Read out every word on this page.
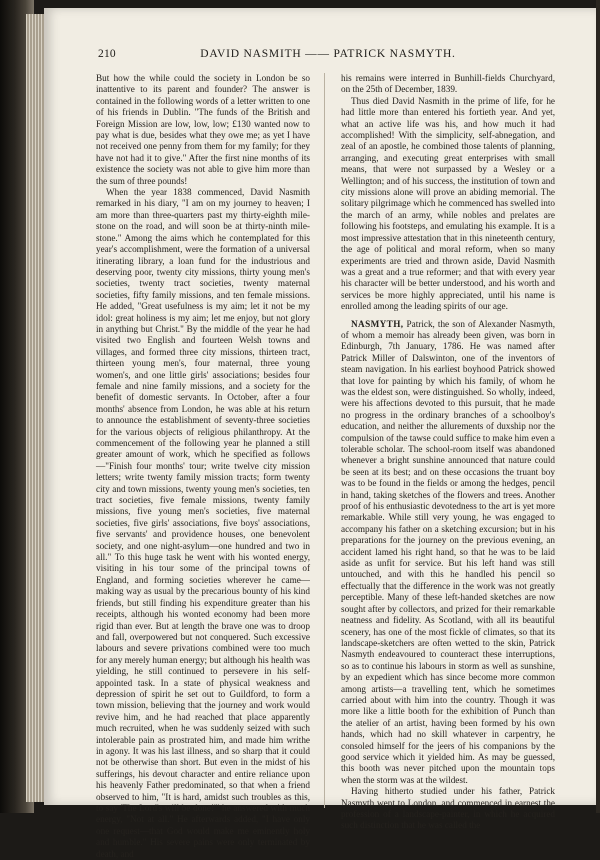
210	DAVID NASMITH —— PATRICK NASMYTH.

But how the while could the society in London be so inattentive to its parent and founder? The answer is contained in the following words of a letter written to one of his friends in Dublin. "The funds of the British and Foreign Mission are low, low, low; £130 wanted now to pay what is due, besides what they owe me; as yet I have not received one penny from them for my family; for they have not had it to give." After the first nine months of its existence the society was not able to give him more than the sum of three pounds!

When the year 1838 commenced, David Nasmith remarked in his diary, "I am on my journey to heaven; I am more than three-quarters past my thirty-eighth mile-stone on the road, and will soon be at thirty-ninth mile-stone." Among the aims which he contemplated for this year's accomplishment, were the formation of a universal itinerating library, a loan fund for the industrious and deserving poor, twenty city missions, thirty young men's societies, twenty tract societies, twenty maternal societies, fifty family missions, and ten female missions. He added, "Great usefulness is my aim; let it not be my idol: great holiness is my aim; let me enjoy, but not glory in anything but Christ." By the middle of the year he had visited two English and fourteen Welsh towns and villages, and formed three city missions, thirteen tract, thirteen young men's, four maternal, three young women's, and one little girls' associations; besides four female and nine family missions, and a society for the benefit of domestic servants. In October, after a four months' absence from London, he was able at his return to announce the establishment of seventy-three societies for the various objects of religious philanthropy. At the commencement of the following year he planned a still greater amount of work, which he specified as follows—"Finish four months' tour; write twelve city mission letters; write twenty family mission tracts; form twenty city and town missions, twenty young men's societies, ten tract societies, five female missions, twenty family missions, five young men's societies, five maternal societies, five girls' associations, five boys' associations, five servants' and providence houses, one benevolent society, and one night-asylum—one hundred and two in all." To this huge task he went with his wonted energy, visiting in his tour some of the principal towns of England, and forming societies wherever he came—making way as usual by the precarious bounty of his kind friends, but still finding his expenditure greater than his receipts, although his wonted economy had been more rigid than ever. But at length the brave one was to droop and fall, overpowered but not conquered. Such excessive labours and severe privations combined were too much for any merely human energy; but although his health was yielding, he still continued to persevere in his self-appointed task. In a state of physical weakness and depression of spirit he set out to Guildford, to form a town mission, believing that the journey and work would revive him, and he had reached that place apparently much recruited, when he was suddenly seized with such intolerable pain as prostrated him, and made him writhe in agony. It was his last illness, and so sharp that it could not be otherwise than short. But even in the midst of his sufferings, his devout character and entire reliance upon his heavenly Father predominated, so that when a friend observed to him, "It is hard, amidst such troubles as this, to say 'The Lord's will be done!'" he answered with much energy, "Not at all." He afterwards added, "I have only one request—that God would make me eminently holy and humble." His severe pains were only terminated by death, and

his remains were interred in Bunhill-fields Churchyard, on the 25th of December, 1839.

Thus died David Nasmith in the prime of life, for he had little more than entered his fortieth year. And yet, what an active life was his, and how much it had accomplished! With the simplicity, self-abnegation, and zeal of an apostle, he combined those talents of planning, arranging, and executing great enterprises with small means, that were not surpassed by a Wesley or a Wellington; and of his success, the institution of town and city missions alone will prove an abiding memorial. The solitary pilgrimage which he commenced has swelled into the march of an army, while nobles and prelates are following his footsteps, and emulating his example. It is a most impressive attestation that in this nineteenth century, the age of political and moral reform, when so many experiments are tried and thrown aside, David Nasmith was a great and a true reformer; and that with every year his character will be better understood, and his worth and services be more highly appreciated, until his name is enrolled among the leading spirits of our age.

NASMYTH, Patrick, the son of Alexander Nasmyth, of whom a memoir has already been given, was born in Edinburgh, 7th January, 1786. He was named after Patrick Miller of Dalswinton, one of the inventors of steam navigation. In his earliest boyhood Patrick showed that love for painting by which his family, of whom he was the eldest son, were distinguished. So wholly, indeed, were his affections devoted to this pursuit, that he made no progress in the ordinary branches of a schoolboy's education, and neither the allurements of duxship nor the compulsion of the tawse could suffice to make him even a tolerable scholar. The school-room itself was abandoned whenever a bright sunshine announced that nature could be seen at its best; and on these occasions the truant boy was to be found in the fields or among the hedges, pencil in hand, taking sketches of the flowers and trees. Another proof of his enthusiastic devotedness to the art is yet more remarkable. While still very young, he was engaged to accompany his father on a sketching excursion; but in his preparations for the journey on the previous evening, an accident lamed his right hand, so that he was to be laid aside as unfit for service. But his left hand was still untouched, and with this he handled his pencil so effectually that the difference in the work was not greatly perceptible. Many of these left-handed sketches are now sought after by collectors, and prized for their remarkable neatness and fidelity. As Scotland, with all its beautiful scenery, has one of the most fickle of climates, so that its landscape-sketchers are often wetted to the skin, Patrick Nasmyth endeavoured to counteract these interruptions, so as to continue his labours in storm as well as sunshine, by an expedient which has since become more common among artists—a travelling tent, which he sometimes carried about with him into the country. Though it was more like a little booth for the exhibition of Punch than the atelier of an artist, having been formed by his own hands, which had no skill whatever in carpentry, he consoled himself for the jeers of his companions by the good service which it yielded him. As may be guessed, this booth was never pitched upon the mountain tops when the storm was at the wildest.

Having hitherto studied under his father, Patrick Nasmyth went to London, and commenced in earnest the profession of a landscape-painter, in which he acquired such distinction that he was called the
